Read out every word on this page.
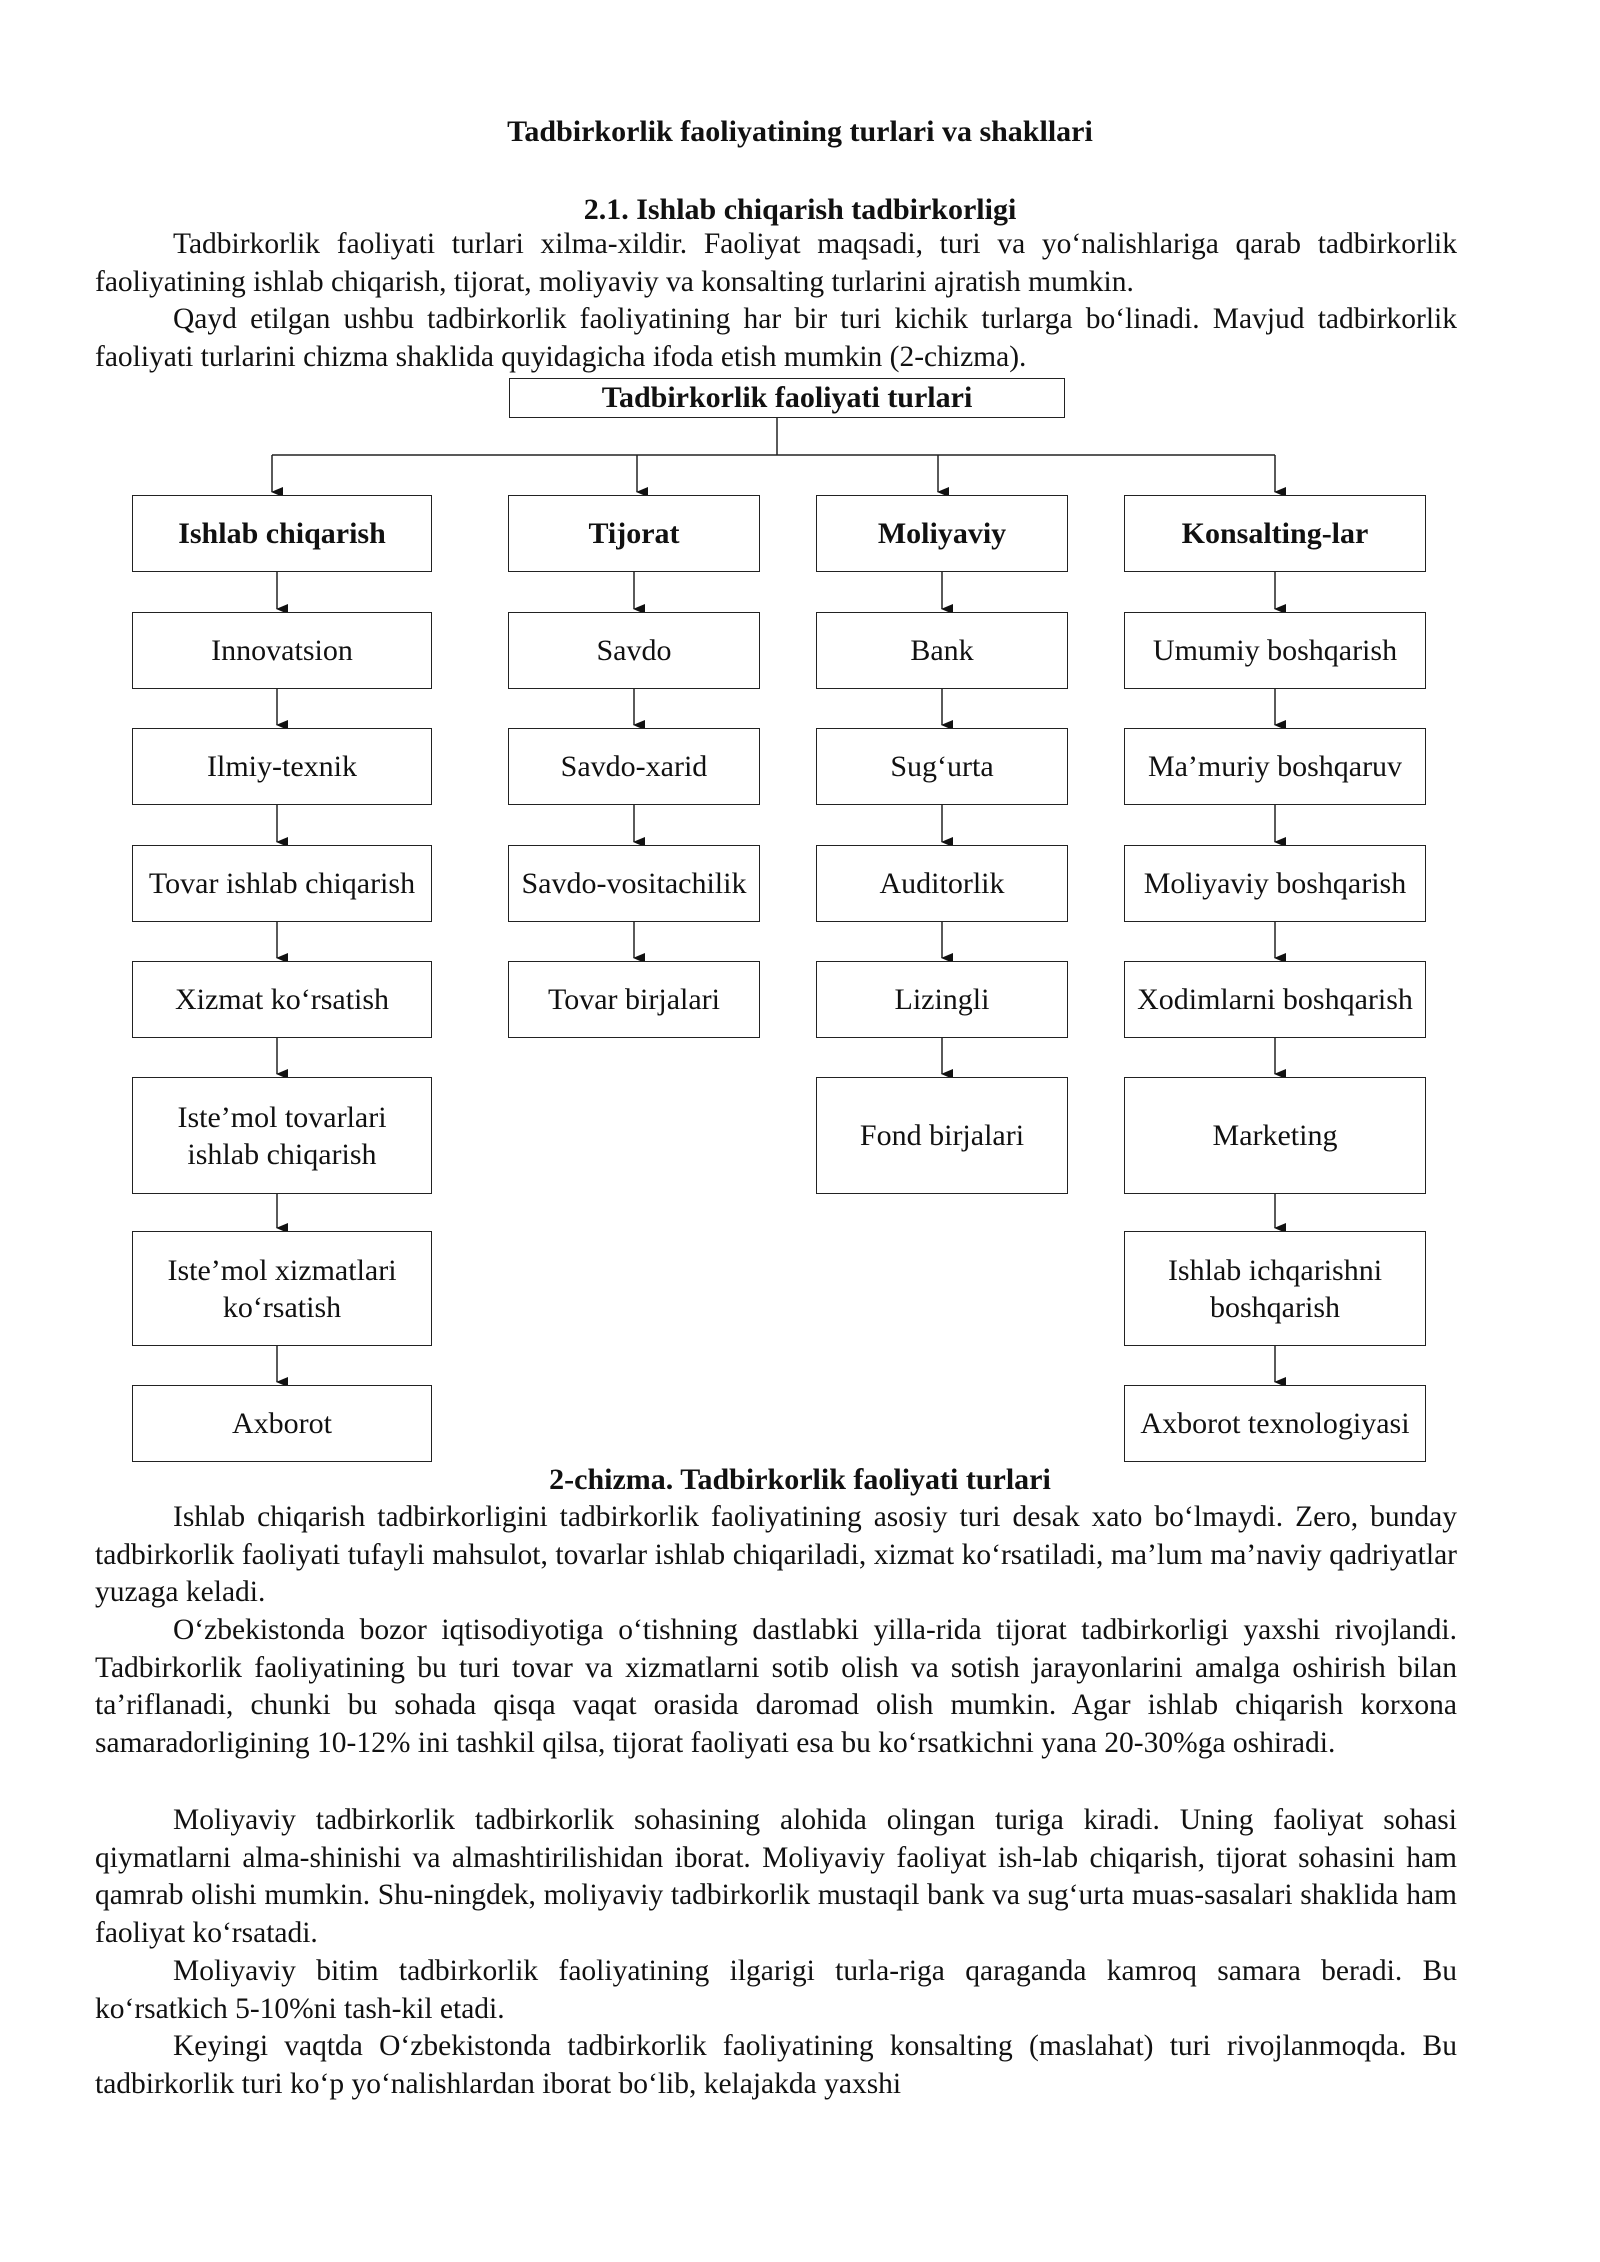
Tadbirkorlik faoliyatining turlari va shakllari
2.1. Ishlab chiqarish tadbirkorligi

Tadbirkorlik faoliyati turlari xilma-xildir. Faoliyat maqsadi, turi va yo‘nalishlariga qarab tadbirkorlik faoliyatining ishlab chiqarish, tijorat, moliyaviy va konsalting turlarini ajratish mumkin.

Qayd etilgan ushbu tadbirkorlik faoliyatining har bir turi kichik turlarga bo‘linadi. Mavjud tadbirkorlik faoliyati turlarini chizma shaklida quyidagicha ifoda etish mumkin (2-chizma).

Tadbirkorlik faoliyati turlari
Ishlab chiqarish
Innovatsion
Ilmiy-texnik
Tovar ishlab chiqarish
Xizmat ko‘rsatish
Iste’mol tovarlari ishlab chiqarish
Iste’mol xizmatlari ko‘rsatish
Axborot
Tijorat
Savdo
Savdo-xarid
Savdo-vositachilik
Tovar birjalari
Moliyaviy
Bank
Sug‘urta
Auditorlik
Lizingli
Fond birjalari
Konsalting-lar
Umumiy boshqarish
Ma’muriy boshqaruv
Moliyaviy boshqarish
Xodimlarni boshqarish
Marketing
Ishlab ichqarishni boshqarish
Axborot texnologiyasi
2-chizma. Tadbirkorlik faoliyati turlari

Ishlab chiqarish tadbirkorligini tadbirkorlik faoliyatining asosiy turi desak xato bo‘lmaydi. Zero, bunday tadbirkorlik faoliyati tufayli mahsulot, tovarlar ishlab chiqariladi, xizmat ko‘rsatiladi, ma’lum ma’naviy qadriyatlar yuzaga keladi.

O‘zbekistonda bozor iqtisodiyotiga o‘tishning dastlabki yilla-rida tijorat tadbirkorligi yaxshi rivojlandi. Tadbirkorlik faoliyatining bu turi tovar va xizmatlarni sotib olish va sotish jarayonlarini amalga oshirish bilan ta’riflanadi, chunki bu sohada qisqa vaqat orasida daromad olish mumkin. Agar ishlab chiqarish korxona samaradorligining 10-12% ini tashkil qilsa, tijorat faoliyati esa bu ko‘rsatkichni yana 20-30%ga oshiradi.

Moliyaviy tadbirkorlik tadbirkorlik sohasining alohida olingan turiga kiradi. Uning faoliyat sohasi qiymatlarni alma-shinishi va almashtirilishidan iborat. Moliyaviy faoliyat ish-lab chiqarish, tijorat sohasini ham qamrab olishi mumkin. Shu-ningdek, moliyaviy tadbirkorlik mustaqil bank va sug‘urta muas-sasalari shaklida ham faoliyat ko‘rsatadi.

Moliyaviy bitim tadbirkorlik faoliyatining ilgarigi turla-riga qaraganda kamroq samara beradi. Bu ko‘rsatkich 5-10%ni tash-kil etadi.

Keyingi vaqtda O‘zbekistonda tadbirkorlik faoliyatining konsalting (maslahat) turi rivojlanmoqda. Bu tadbirkorlik turi ko‘p yo‘nalishlardan iborat bo‘lib, kelajakda yaxshi
